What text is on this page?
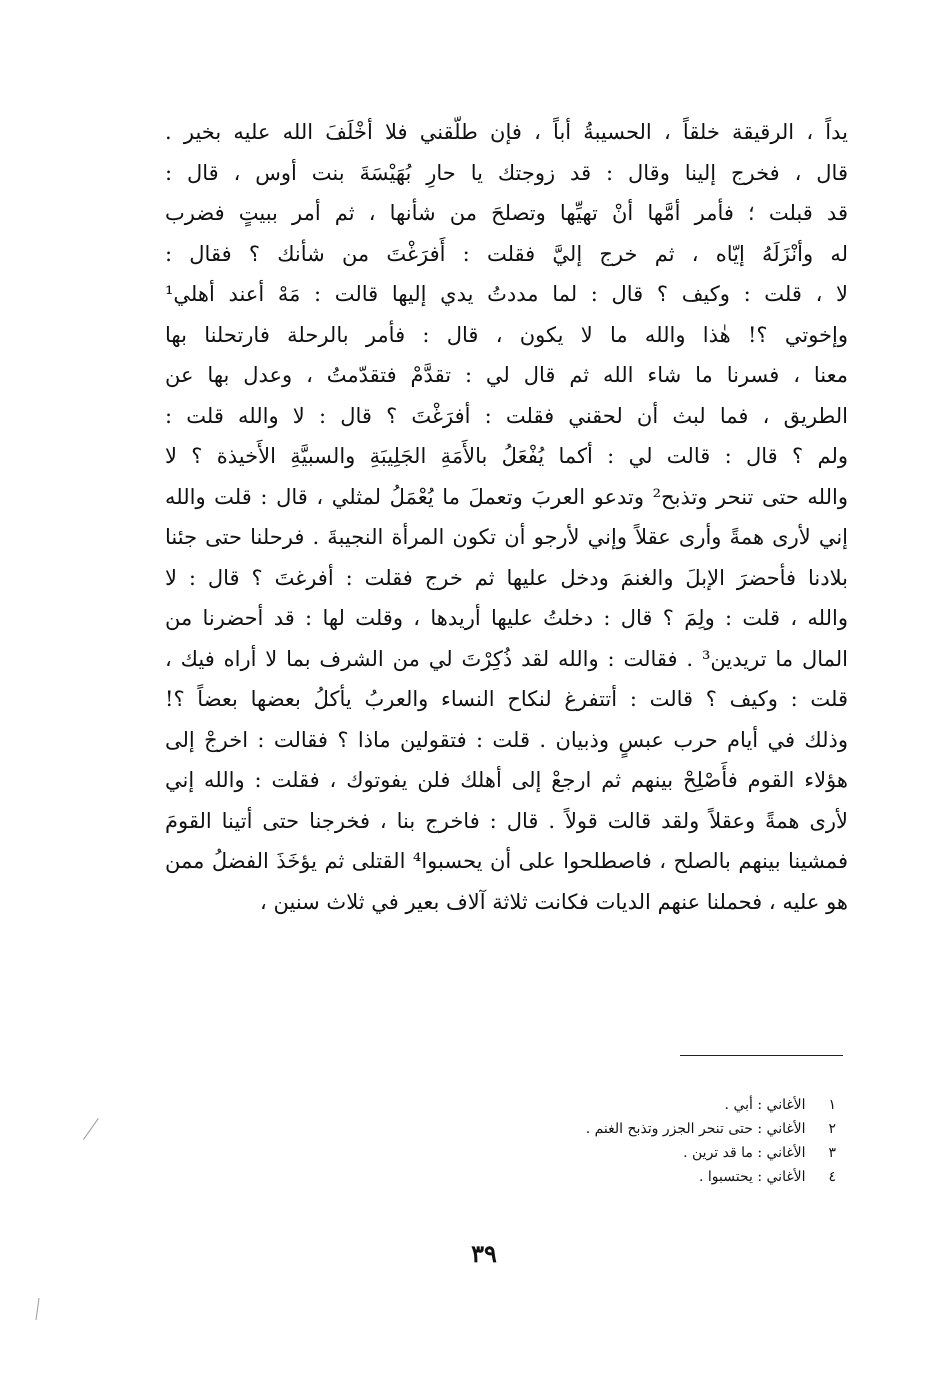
يداً ، الرقيقة خلقاً ، الحسيبةُ أباً ، فإن طلّقني فلا أخْلَفَ الله عليه بخير .
قال ، فخرج إلينا وقال : قد زوجتك يا حارِ بُهَيْسَةَ بنت أوس ، قال :
قد قبلت ؛ فأمر أمَّها أنْ تهيِّها وتصلحَ من شأنها ، ثم أمر ببيتٍ فضرب
له وأنْزَلَهُ إيّاه ، ثم خرج إليَّ فقلت : أَفرَغْتَ من شأنك ؟ فقال :
لا ، قلت : وكيف ؟ قال : لما مددتُ يدي إليها قالت : مَهْ أعند أهلي¹
وإخوتي ؟! هٰذا والله ما لا يكون ، قال : فأمر بالرحلة فارتحلنا بها
معنا ، فسرنا ما شاء الله ثم قال لي : تقدَّمْ فتقدّمتُ ، وعدل بها عن
الطريق ، فما لبث أن لحقني فقلت : أفرَغْتَ ؟ قال : لا والله قلت :
ولم ؟ قال : قالت لي : أكما يُفْعَلُ بالأَمَةِ الجَلِيبَةِ والسبيَّةِ الأَخيذة ؟ لا
والله حتى تنحر وتذبح² وتدعو العربَ وتعملَ ما يُعْمَلُ لمثلي ، قال : قلت والله
إني لأرى همةً وأرى عقلاً وإني لأرجو أن تكون المرأة النجيبةَ . فرحلنا حتى جئنا
بلادنا فأحضرَ الإبلَ والغنمَ ودخل عليها ثم خرج فقلت : أفرغتَ ؟ قال : لا
والله ، قلت : ولِمَ ؟ قال : دخلتُ عليها أريدها ، وقلت لها : قد أحضرنا من
المال ما تريدين³ . فقالت : والله لقد ذُكِرْتَ لي من الشرف بما لا أراه فيك ،
قلت : وكيف ؟ قالت : أتتفرغ لنكاح النساء والعربُ يأكلُ بعضها بعضاً ؟!
وذلك في أيام حرب عبسٍ وذبيان . قلت : فتقولين ماذا ؟ فقالت : اخرجْ إلى
هؤلاء القوم فأَصْلِحْ بينهم ثم ارجعْ إلى أهلك فلن يفوتوك ، فقلت : والله إني
لأرى همةً وعقلاً ولقد قالت قولاً . قال : فاخرج بنا ، فخرجنا حتى أتينا القومَ
فمشينا بينهم بالصلح ، فاصطلحوا على أن يحسبوا⁴ القتلى ثم يؤخَذَ الفضلُ ممن
هو عليه ، فحملنا عنهم الديات فكانت ثلاثة آلاف بعير في ثلاث سنين ،
١ الأغاني : أبي .
٢ الأغاني : حتى تنحر الجزر وتذبح الغنم .
٣ الأغاني : ما قد ترين .
٤ الأغاني : يحتسبوا .
٣٩
